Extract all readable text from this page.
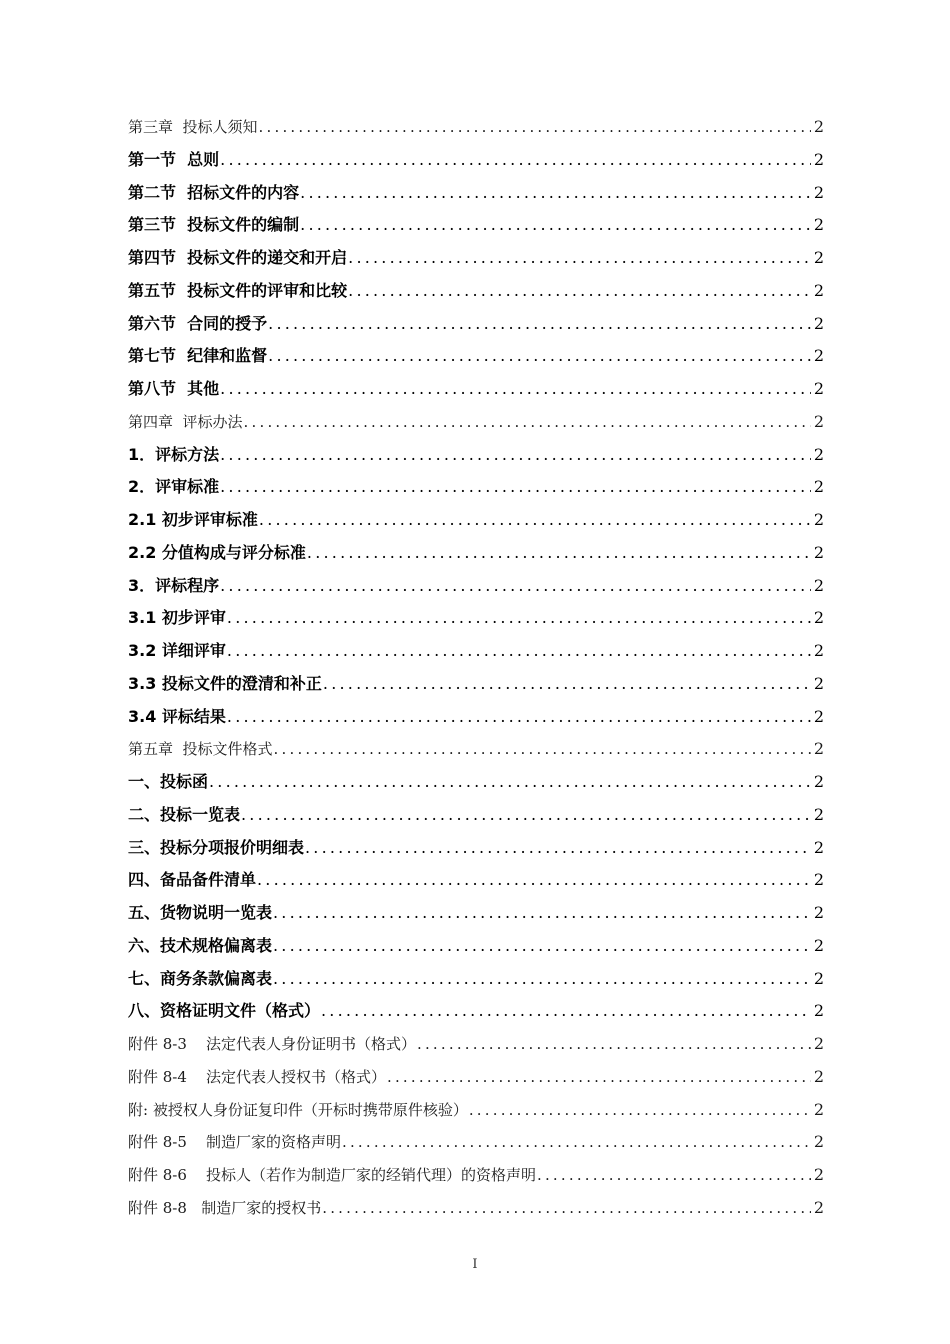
第三章  投标人须知 .....	2
第一节  总则 .....	2
第二节  招标文件的内容 .....	2
第三节  投标文件的编制 .....	2
第四节  投标文件的递交和开启 .....	2
第五节  投标文件的评审和比较 .....	2
第六节  合同的授予 .....	2
第七节  纪律和监督 .....	2
第八节  其他 .....	2
第四章  评标办法 .....	2
1．评标方法 .....	2
2．评审标准 .....	2
2.1 初步评审标准 .....	2
2.2 分值构成与评分标准 .....	2
3．评标程序 .....	2
3.1 初步评审 .....	2
3.2 详细评审 .....	2
3.3 投标文件的澄清和补正 .....	2
3.4 评标结果 .....	2
第五章  投标文件格式 .....	2
一、投标函 .....	2
二、投标一览表 .....	2
三、投标分项报价明细表 .....	2
四、备品备件清单 .....	2
五、货物说明一览表 .....	2
六、技术规格偏离表 .....	2
七、商务条款偏离表 .....	2
八、资格证明文件（格式） .....	2
附件 8-3    法定代表人身份证明书（格式） .....	2
附件 8-4    法定代表人授权书（格式） .....	2
附: 被授权人身份证复印件（开标时携带原件核验） .....	2
附件 8-5    制造厂家的资格声明 .....	2
附件 8-6    投标人（若作为制造厂家的经销代理）的资格声明 .....	2
附件 8-8   制造厂家的授权书 .....	2
I
